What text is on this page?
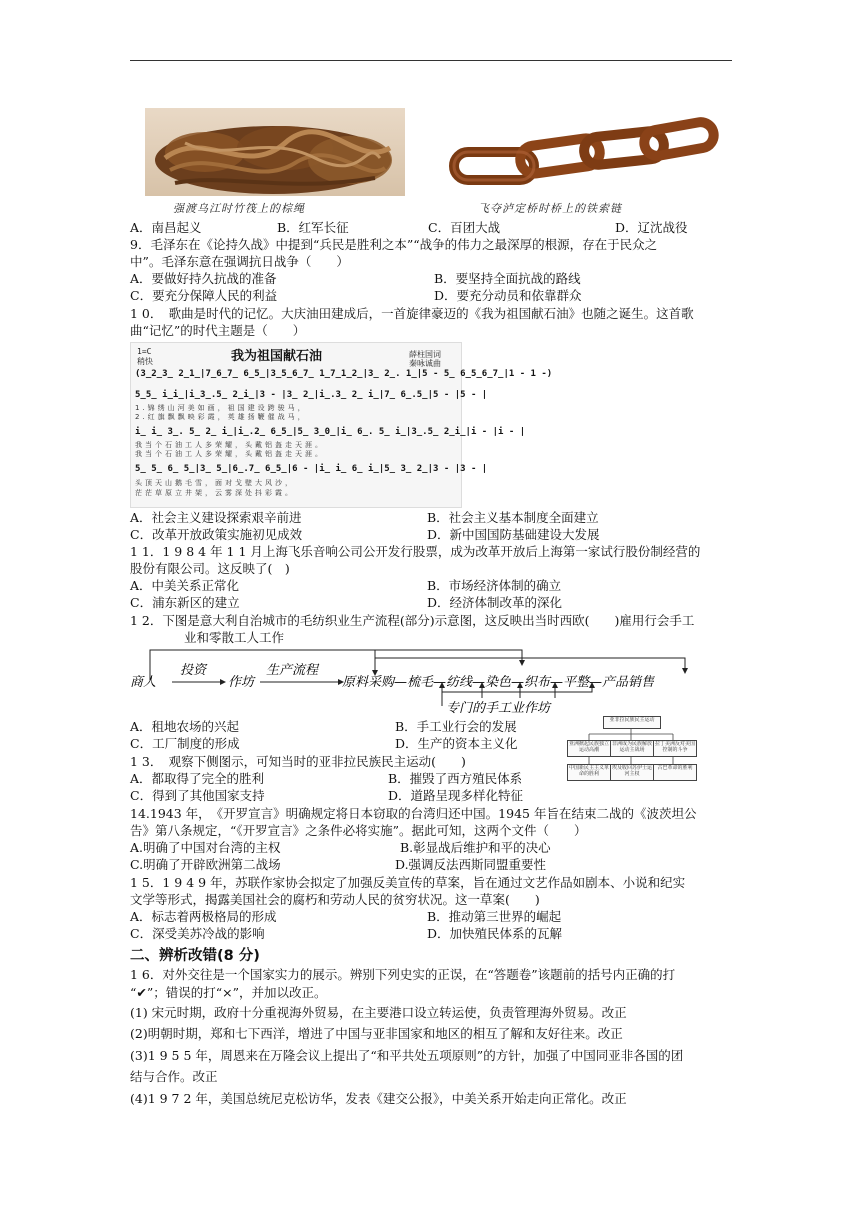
强渡乌江时竹筏上的棕绳	飞夺泸定桥时桥上的铁索链
A．南昌起义	B．红军长征	C．百团大战	D．辽沈战役
9．毛泽东在《论持久战》中提到“兵民是胜利之本”“战争的伟力之最深厚的根源，存在于民众之
中”。毛泽东意在强调抗日战争（　　）
A．要做好持久抗战的准备	B．要坚持全面抗战的路线
C．要充分保障人民的利益	D．要充分动员和依靠群众
1 0．　歌曲是时代的记忆。大庆油田建成后，一首旋律豪迈的《我为祖国献石油》也随之诞生。这首歌
曲“记忆”的时代主题是（　　）
我为祖国献石油
1=C
稍快
薛柱国词
秦咏诚曲
(3̲2̲3̲ 2̲1̲|7̲6̲7̲ 6̲5̲|3̲5̲6̲7̲ 1̲7̲1̲2̲|3̲ 2̲. 1̲|5 - 5̲ 6̲5̲6̲7̲|1 - 1 -)
5̲5̲ i̲i̲|i̲3̲.5̲ 2̲i̲|3 - |3̲ 2̲|i̲.3̲ 2̲ i̲|7̲ 6̲.5̲|5 - |5 - |
1.锦绣山河美如画，祖国建设跨骏马，
2.红旗飘飘映彩霞，英雄扬鞭催战马，
i̲ i̲ 3̲. 5̲ 2̲ i̲|i̲.2̲ 6̲5̲|5̲ 3̲0̲|i̲ 6̲. 5̲ i̲|3̲.5̲ 2̲i̲|i - |i - |
我当个石油工人多荣耀，头戴铝盔走天涯。
我当个石油工人多荣耀，头戴铝盔走天涯。
5̲ 5̲ 6̲ 5̲|3̲ 5̲|6̲.7̲ 6̲5̲|6 - |i̲ i̲ 6̲ i̲|5̲ 3̲ 2̲|3 - |3 - |
头顶天山鹅毛雪，面对戈壁大风沙，
茫茫草原立井架，云雾深处抖彩霞。
A．社会主义建设探索艰辛前进	B．社会主义基本制度全面建立
C．改革开放政策实施初见成效	D．新中国国防基础建设大发展
1 1．1 9 8 4 年 1 1 月上海飞乐音响公司公开发行股票，成为改革开放后上海第一家试行股份制经营的
股份有限公司。这反映了(　)
A．中美关系正常化	B．市场经济体制的确立
C．浦东新区的建立	D．经济体制改革的深化
1 2．下图是意大利自治城市的毛纺织业生产流程(部分)示意图，这反映出当时西欧(　　)雇用行会手工
业和零散工人工作
商人
投资
作坊
生产流程
原料采购—梳毛—纺线—染色—织布—平整—产品销售
专门的手工业作坊
A．租地农场的兴起	B．手工业行会的发展
C．工厂制度的形成	D．生产的资本主义化
亚非拉民族民主运动
亚洲掀起民族独立运动高潮
非洲成为民族解放运动主战场
拉丁美洲反对美国控制的斗争
中国新民主主义革命的胜利
埃及收回苏伊士运河主权
古巴革命的胜利
1 3．　观察下侧图示，可知当时的亚非拉民族民主运动(　　)
A．都取得了完全的胜利	B．摧毁了西方殖民体系
C．得到了其他国家支持	D．道路呈现多样化特征
14.1943 年，　《开罗宣言》明确规定将日本窃取的台湾归还中国。1945 年旨在结束二战的《波茨坦公
告》第八条规定，“《开罗宣言》之条件必将实施”。据此可知，这两个文件（　　）
A.明确了中国对台湾的主权	B.彰显战后维护和平的决心
C.明确了开辟欧洲第二战场	D.强调反法西斯同盟重要性
1 5．1 9 4 9 年，苏联作家协会拟定了加强反美宣传的草案，旨在通过文艺作品如剧本、小说和纪实
文学等形式，揭露美国社会的腐朽和劳动人民的贫穷状况。这一草案(　　)
A．标志着两极格局的形成	B．推动第三世界的崛起
C．深受美苏冷战的影响	D．加快殖民体系的瓦解
二、辨析改错(8 分)
1 6．对外交往是一个国家实力的展示。辨别下列史实的正误，在“答题卷”该题前的括号内正确的打
“✔”；错误的打“×”，并加以改正。
(1) 宋元时期，政府十分重视海外贸易，在主要港口设立转运使，负责管理海外贸易。改正
(2)明朝时期，郑和七下西洋，增进了中国与亚非国家和地区的相互了解和友好往来。改正
(3)1 9 5 5 年，周恩来在万隆会议上提出了“和平共处五项原则”的方针，加强了中国同亚非各国的团
结与合作。改正
(4)1 9 7 2 年，美国总统尼克松访华，发表《建交公报》，中美关系开始走向正常化。改正
